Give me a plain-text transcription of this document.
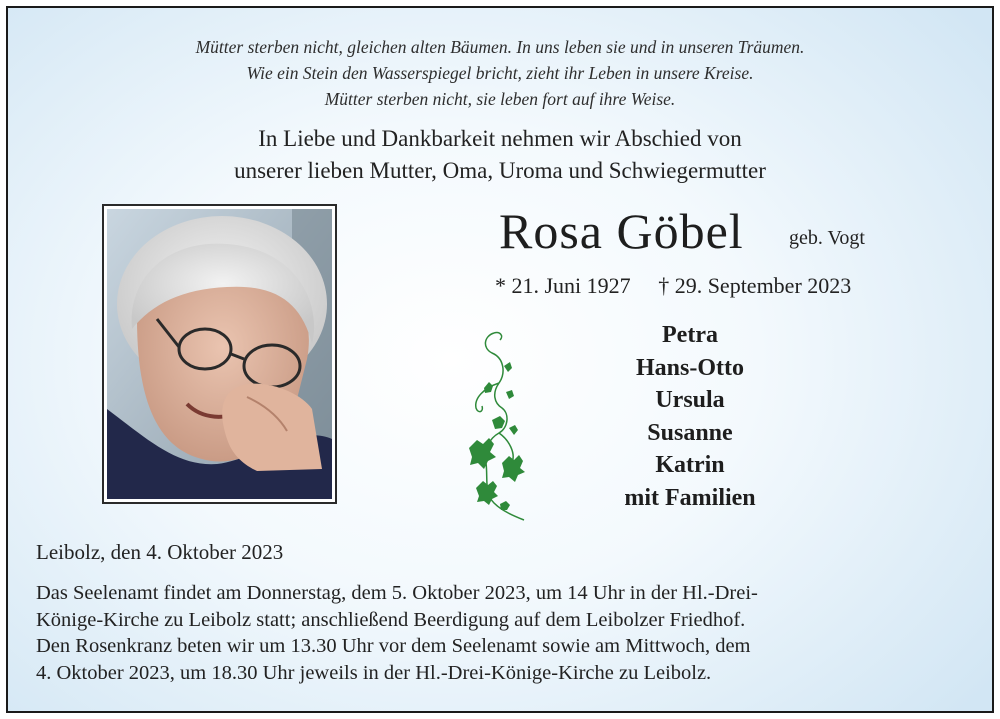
Mütter sterben nicht, gleichen alten Bäumen. In uns leben sie und in unseren Träumen.
Wie ein Stein den Wasserspiegel bricht, zieht ihr Leben in unsere Kreise.
Mütter sterben nicht, sie leben fort auf ihre Weise.
In Liebe und Dankbarkeit nehmen wir Abschied von
unserer lieben Mutter, Oma, Uroma und Schwiegermutter
Rosa Göbel geb. Vogt
* 21. Juni 1927 † 29. September 2023
Petra
Hans-Otto
Ursula
Susanne
Katrin
mit Familien
Leibolz, den 4. Oktober 2023
Das Seelenamt findet am Donnerstag, dem 5. Oktober 2023, um 14 Uhr in der Hl.-Drei-
Könige-Kirche zu Leibolz statt; anschließend Beerdigung auf dem Leibolzer Friedhof.
Den Rosenkranz beten wir um 13.30 Uhr vor dem Seelenamt sowie am Mittwoch, dem
4. Oktober 2023, um 18.30 Uhr jeweils in der Hl.-Drei-Könige-Kirche zu Leibolz.
